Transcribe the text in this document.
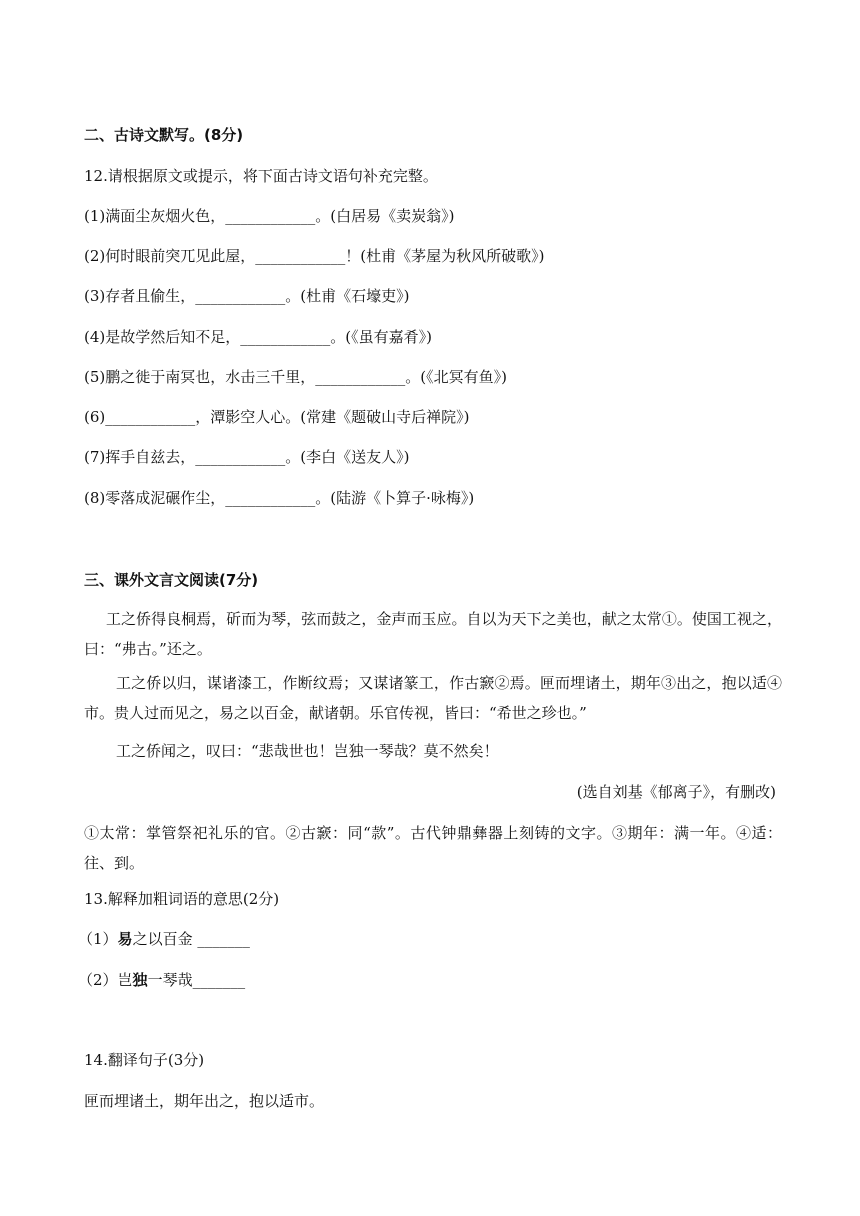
二、古诗文默写。(8分)
12.请根据原文或提示，将下面古诗文语句补充完整。
(1)满面尘灰烟火色，____________。(白居易《卖炭翁》)
(2)何时眼前突兀见此屋，____________！(杜甫《茅屋为秋风所破歌》)
(3)存者且偷生，____________。(杜甫《石壕吏》)
(4)是故学然后知不足，____________。(《虽有嘉肴》)
(5)鹏之徙于南冥也，水击三千里，____________。(《北冥有鱼》)
(6)____________，潭影空人心。(常建《题破山寺后禅院》)
(7)挥手自兹去，____________。(李白《送友人》)
(8)零落成泥碾作尘，____________。(陆游《卜算子·咏梅》)
三、课外文言文阅读(7分)
工之侨得良桐焉，斫而为琴，弦而鼓之，金声而玉应。自以为天下之美也，献之太常①。使国工视之，曰：“弗古。”还之。
工之侨以归，谋诸漆工，作断纹焉；又谋诸篆工，作古窾②焉。匣而埋诸土，期年③出之，抱以适④市。贵人过而见之，易之以百金，献诸朝。乐官传视，皆曰：“希世之珍也。”
工之侨闻之，叹曰：“悲哉世也！岂独一琴哉？莫不然矣！
(选自刘基《郁离子》，有删改)
①太常：掌管祭祀礼乐的官。②古窾：同“款”。古代钟鼎彝器上刻铸的文字。③期年：满一年。④适：往、到。
13.解释加粗词语的意思(2分)
（1）易之以百金 _______
（2）岂独一琴哉_______
14.翻译句子(3分)
匣而埋诸土，期年出之，抱以适市。
